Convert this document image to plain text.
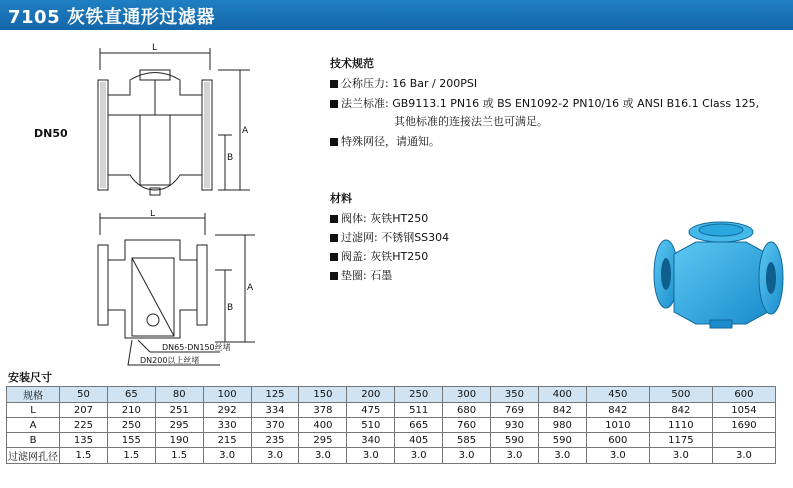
7105 灰铁直通形过滤器
DN50
L
A
B
L
A
B
DN65-DN150丝堵
DN200以上丝堵
技术规范
公称压力: 16 Bar / 200PSI
法兰标准: GB9113.1 PN16 或 BS EN1092-2 PN10/16 或 ANSI B16.1 Class 125,
其他标准的连接法兰也可满足。
特殊网径，请通知。
材料
阀体: 灰铁HT250
过滤网: 不锈钢SS304
阀盖: 灰铁HT250
垫圈: 石墨
安装尺寸
规格	50	65	80	100	125	150	200	250	300	350	400	450	500	600
L	207	210	251	292	334	378	475	511	680	769	842	842	842	1054
A	225	250	295	330	370	400	510	665	760	930	980	1010	1110	1690
B	135	155	190	215	235	295	340	405	585	590	590	600	1175	
过滤网孔径	1.5	1.5	1.5	3.0	3.0	3.0	3.0	3.0	3.0	3.0	3.0	3.0	3.0	3.0
